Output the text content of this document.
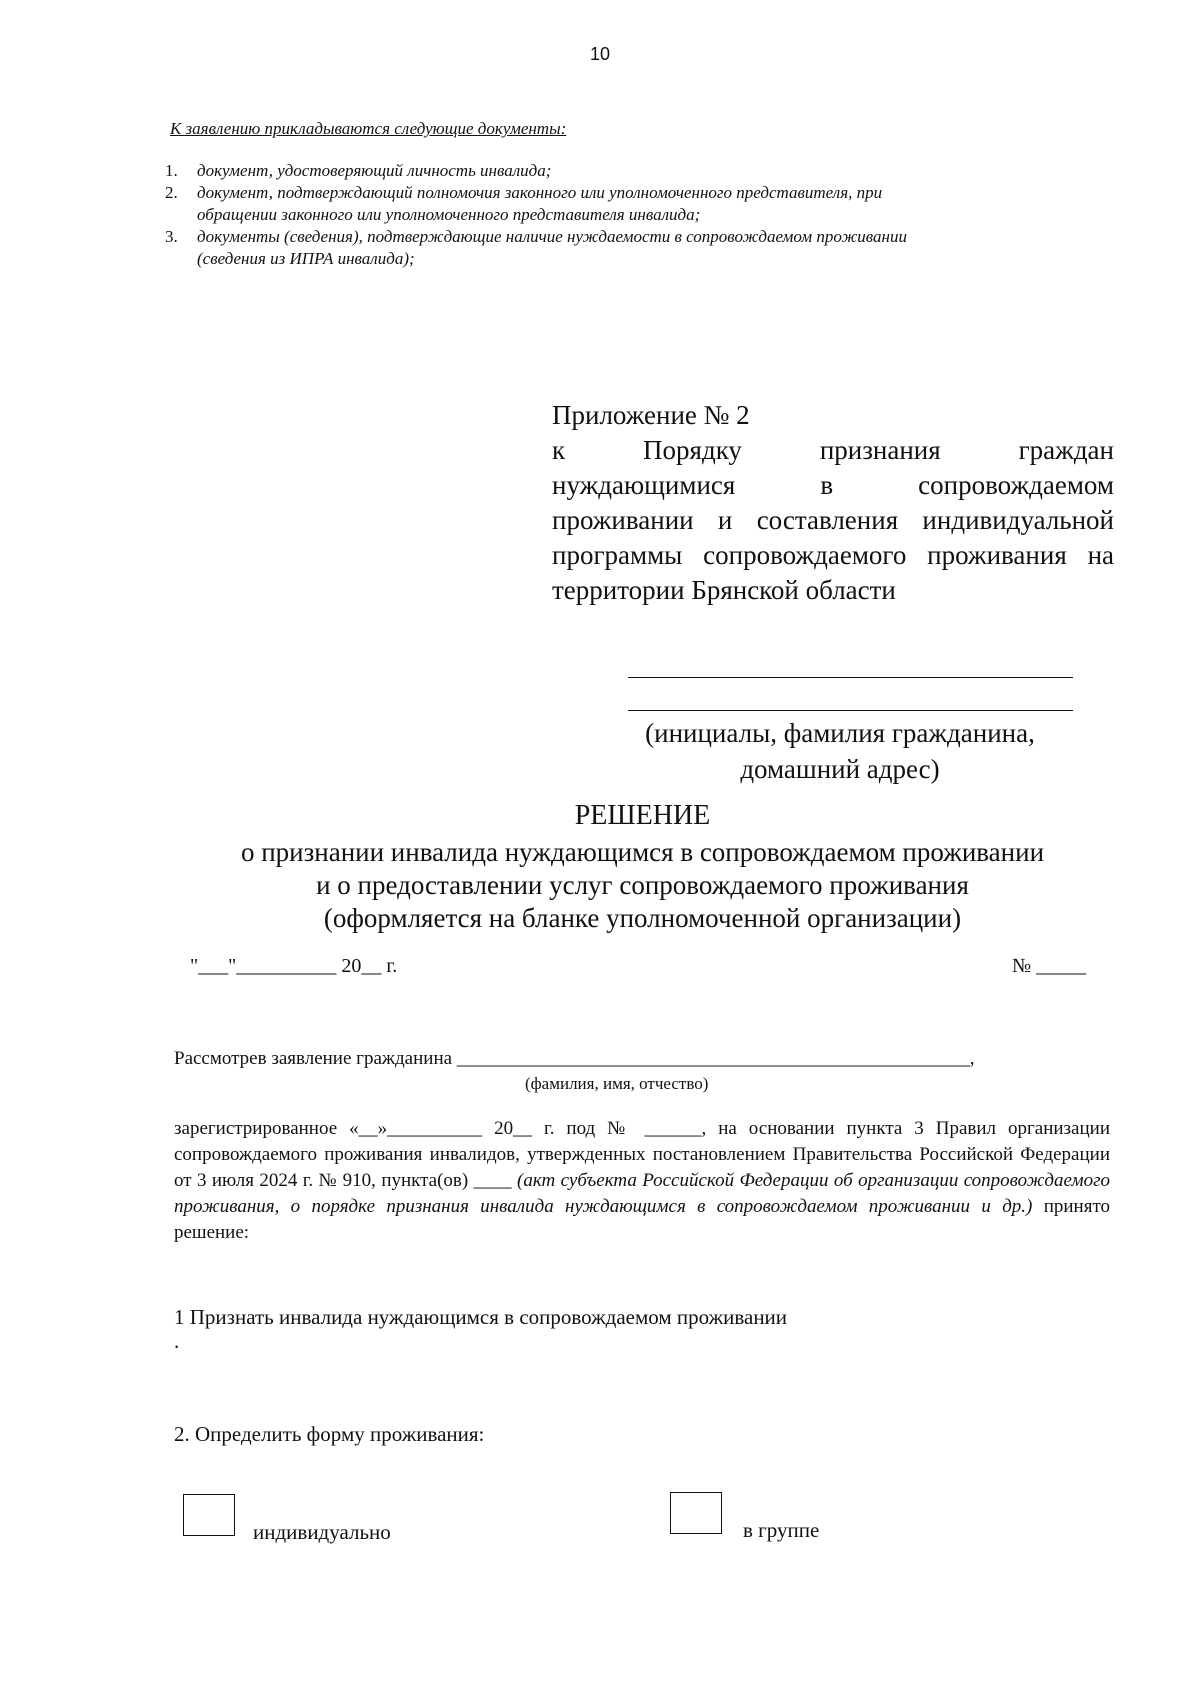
10
К заявлению прикладываются следующие документы:
1.	документ, удостоверяющий личность инвалида;
2.	документ, подтверждающий полномочия законного или уполномоченного представителя, при
обращении законного или уполномоченного представителя инвалида;
3.	документы (сведения), подтверждающие наличие нуждаемости в сопровождаемом проживании
(сведения из ИПРА инвалида);
Приложение № 2
к	Порядку	признания	граждан
нуждающимися	в	сопровождаемом
проживании и составления индивидуальной программы сопровождаемого проживания на территории Брянской области
(инициалы, фамилия гражданина,
домашний адрес)
РЕШЕНИЕ
о признании инвалида нуждающимся в сопровождаемом проживании
и о предоставлении услуг сопровождаемого проживания
(оформляется на бланке уполномоченной организации)
"___"__________ 20__ г.	№ _____
Рассмотрев заявление гражданина ______________________________________________________,
(фамилия, имя, отчество)
зарегистрированное «__»__________ 20__ г. под № ______, на основании пункта 3 Правил организации сопровождаемого проживания инвалидов, утвержденных постановлением Правительства Российской Федерации от 3 июля 2024 г. № 910, пункта(ов) ____ (акт субъекта Российской Федерации об организации сопровождаемого проживания, о порядке признания инвалида нуждающимся в сопровождаемом проживании и др.) принято решение:
1 Признать инвалида нуждающимся в сопровождаемом проживании
.
2. Определить форму проживания:
индивидуально	в группе
